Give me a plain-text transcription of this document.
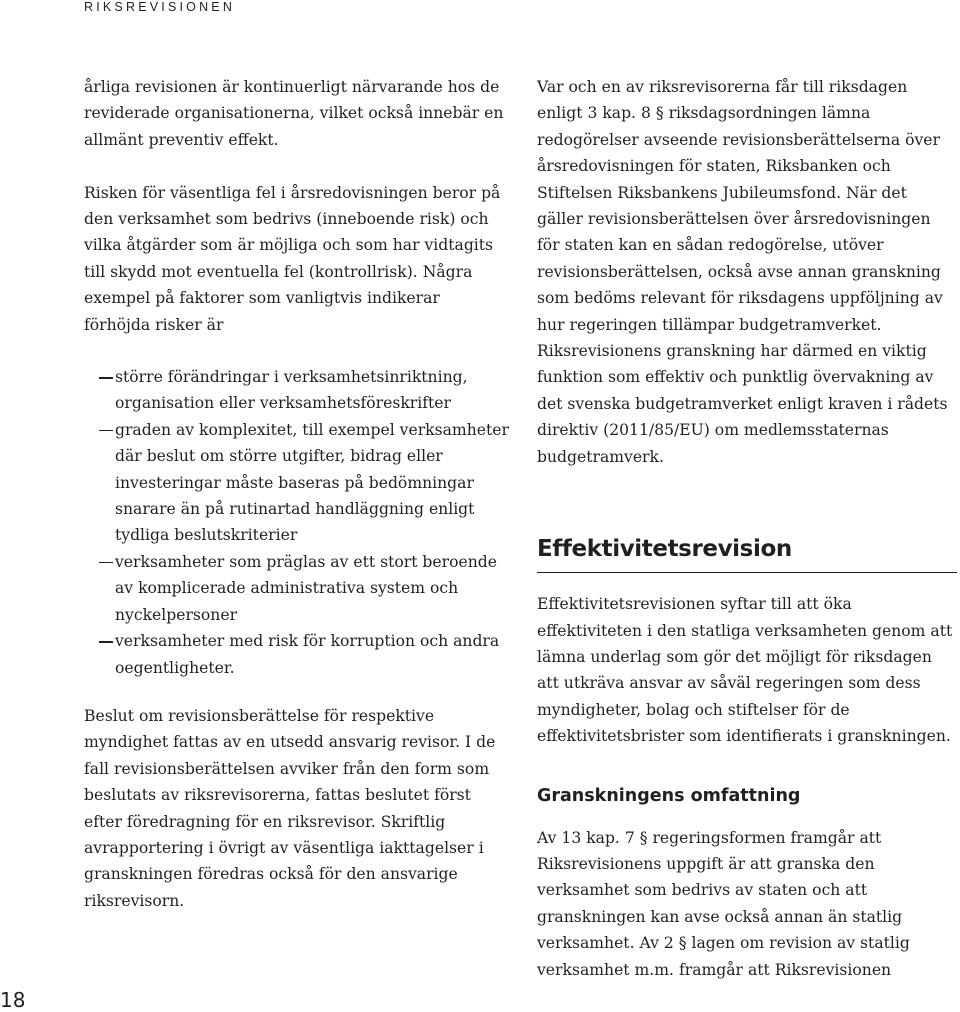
RIKSREVISIONEN

årliga revisionen är kontinuerligt närvarande hos de reviderade organisationerna, vilket också innebär en allmänt preventiv effekt.

Risken för väsentliga fel i årsredovisningen beror på den verksamhet som bedrivs (inneboende risk) och vilka åtgärder som är möjliga och som har vidtagits till skydd mot eventuella fel (kontrollrisk). Några exempel på faktorer som vanligtvis indikerar förhöjda risker är

större förändringar i verksamhetsinriktning, organisation eller verksamhetsföreskrifter
graden av komplexitet, till exempel verksamheter där beslut om större utgifter, bidrag eller investeringar måste baseras på bedömningar snarare än på rutinartad handläggning enligt tydliga beslutskriterier
verksamheter som präglas av ett stort beroende av komplicerade administrativa system och nyckelpersoner
verksamheter med risk för korruption och andra oegentligheter.

Beslut om revisionsberättelse för respektive myndighet fattas av en utsedd ansvarig revisor. I de fall revisionsberättelsen avviker från den form som beslutats av riksrevisorerna, fattas beslutet först efter föredragning för en riksrevisor. Skriftlig avrapportering i övrigt av väsentliga iakttagelser i granskningen föredras också för den ansvarige riksrevisorn.

Var och en av riksrevisorerna får till riksdagen enligt 3 kap. 8 § riksdagsordningen lämna redogörelser avseende revisionsberättelserna över årsredovisningen för staten, Riksbanken och Stiftelsen Riksbankens Jubileumsfond. När det gäller revisionsberättelsen över årsredovisningen för staten kan en sådan redogörelse, utöver revisionsberättelsen, också avse annan granskning som bedöms relevant för riksdagens uppföljning av hur regeringen tillämpar budgetramverket. Riksrevisionens granskning har därmed en viktig funktion som effektiv och punktlig övervakning av det svenska budgetramverket enligt kraven i rådets direktiv (2011/85/EU) om medlemsstaternas budgetramverk.

Effektivitetsrevision

Effektivitetsrevisionen syftar till att öka effektiviteten i den statliga verksamheten genom att lämna underlag som gör det möjligt för riksdagen att utkräva ansvar av såväl regeringen som dess myndigheter, bolag och stiftelser för de effektivitetsbrister som identifierats i granskningen.

Granskningens omfattning

Av 13 kap. 7 § regeringsformen framgår att Riksrevisionens uppgift är att granska den verksamhet som bedrivs av staten och att granskningen kan avse också annan än statlig verksamhet. Av 2 § lagen om revision av statlig verksamhet m.m. framgår att Riksrevisionen

18
